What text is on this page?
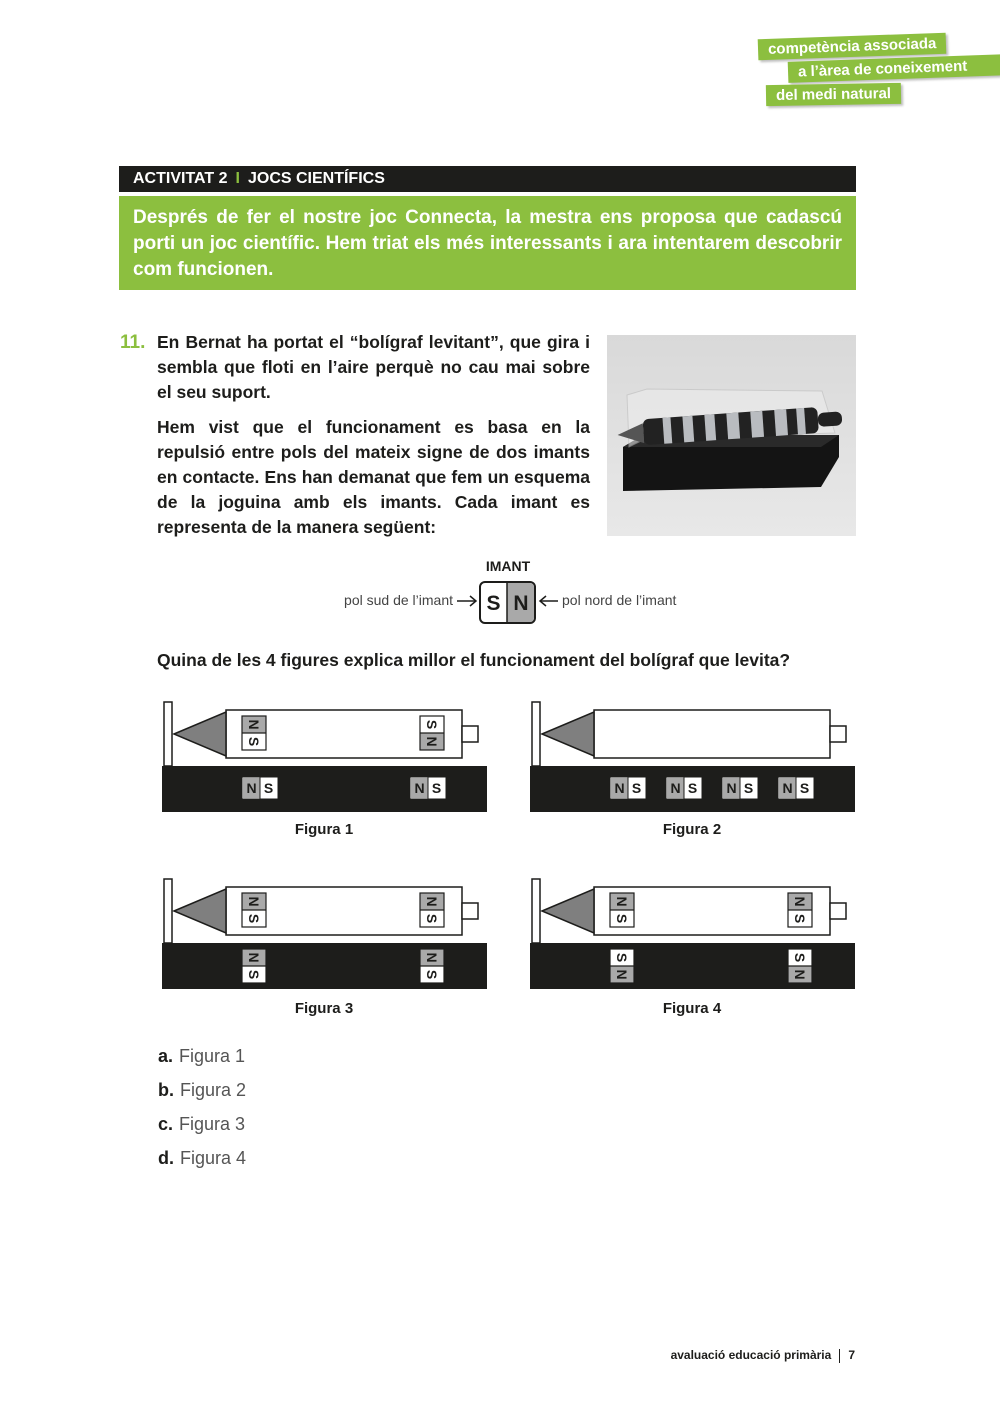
competència associada
a l’àrea de coneixement
del medi natural
ACTIVITAT 2 I JOCS CIENTÍFICS
Després de fer el nostre joc Connecta, la mestra ens proposa que cadascú porti un joc científic. Hem triat els més interessants i ara intentarem descobrir com funcionen.
11. En Bernat ha portat el “bolígraf levitant”, que gira i sembla que floti en l’aire perquè no cau mai sobre el seu suport.
Hem vist que el funcionament es basa en la repulsió entre pols del mateix signe de dos imants en contacte. Ens han demanat que fem un esquema de la joguina amb els imants. Cada imant es representa de la manera següent:
IMANT
pol sud de l’imant S N pol nord de l’imant
Quina de les 4 figures explica millor el funcionament del bolígraf que levita?
N
S
S
N
N S	N S	N S N S N S N S
N
S
N
S
N
S
N
S
N
S
N
S
S
N
S
N
Figura 1	Figura 2
Figura 3	Figura 4
a. Figura 1
b. Figura 2
c. Figura 3
d. Figura 4
avaluació educació primària 7
